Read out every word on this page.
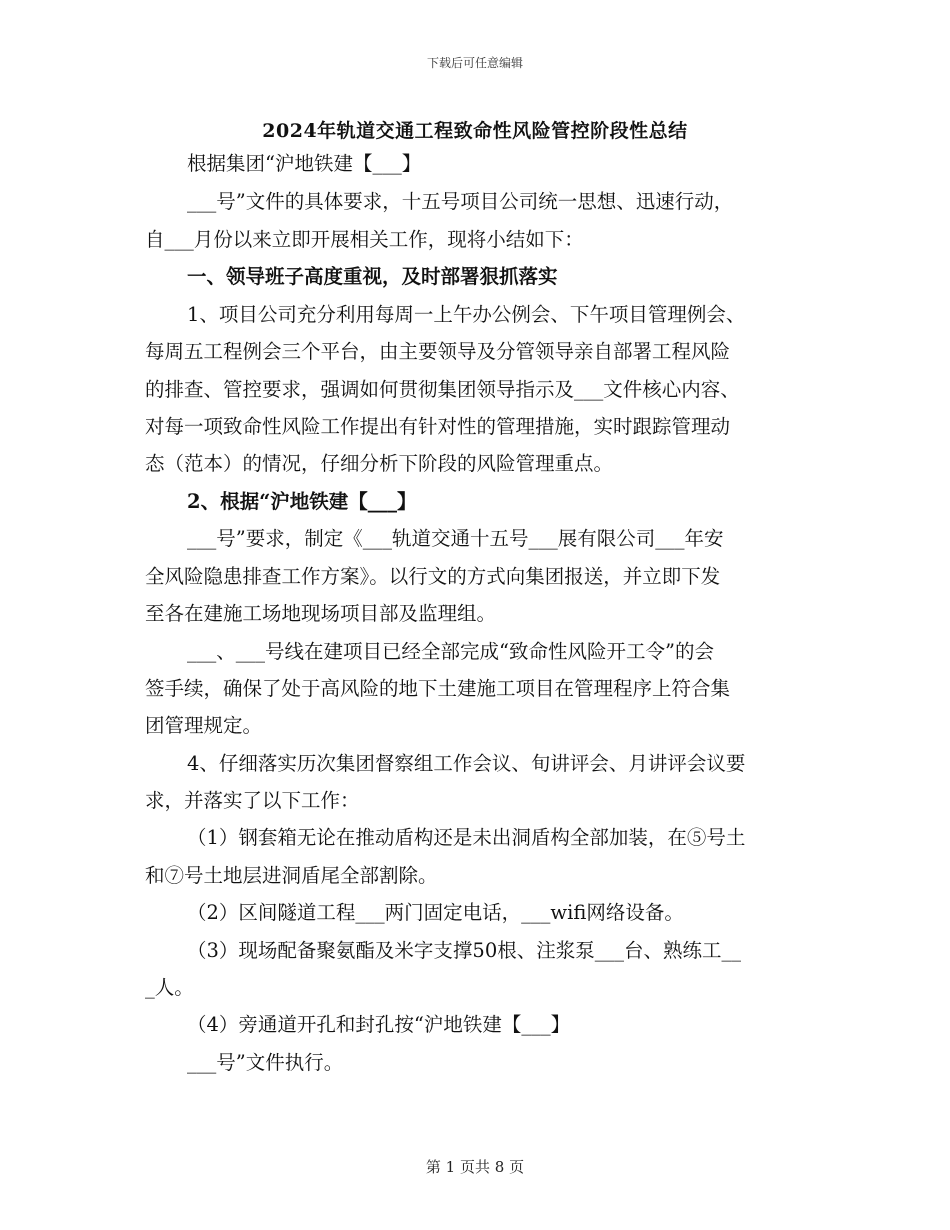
下载后可任意编辑
2024年轨道交通工程致命性风险管控阶段性总结
根据集团“沪地铁建【___】
___号”文件的具体要求，十五号项目公司统一思想、迅速行动，
自___月份以来立即开展相关工作，现将小结如下：
一、领导班子高度重视，及时部署狠抓落实
1、项目公司充分利用每周一上午办公例会、下午项目管理例会、
每周五工程例会三个平台，由主要领导及分管领导亲自部署工程风险
的排查、管控要求，强调如何贯彻集团领导指示及___文件核心内容、
对每一项致命性风险工作提出有针对性的管理措施，实时跟踪管理动
态（范本）的情况，仔细分析下阶段的风险管理重点。
2、根据“沪地铁建【___】
___号”要求，制定《___轨道交通十五号___展有限公司___年安
全风险隐患排查工作方案》。以行文的方式向集团报送，并立即下发
至各在建施工场地现场项目部及监理组。
___、___号线在建项目已经全部完成“致命性风险开工令”的会
签手续，确保了处于高风险的地下土建施工项目在管理程序上符合集
团管理规定。
4、仔细落实历次集团督察组工作会议、旬讲评会、月讲评会议要
求，并落实了以下工作：
（1）钢套箱无论在推动盾构还是未出洞盾构全部加装，在⑤号土
和⑦号土地层进洞盾尾全部割除。
（2）区间隧道工程___两门固定电话，___wifi网络设备。
（3）现场配备聚氨酯及米字支撑50根、注浆泵___台、熟练工__
_人。
（4）旁通道开孔和封孔按“沪地铁建【___】
___号”文件执行。
第 1 页共 8 页
